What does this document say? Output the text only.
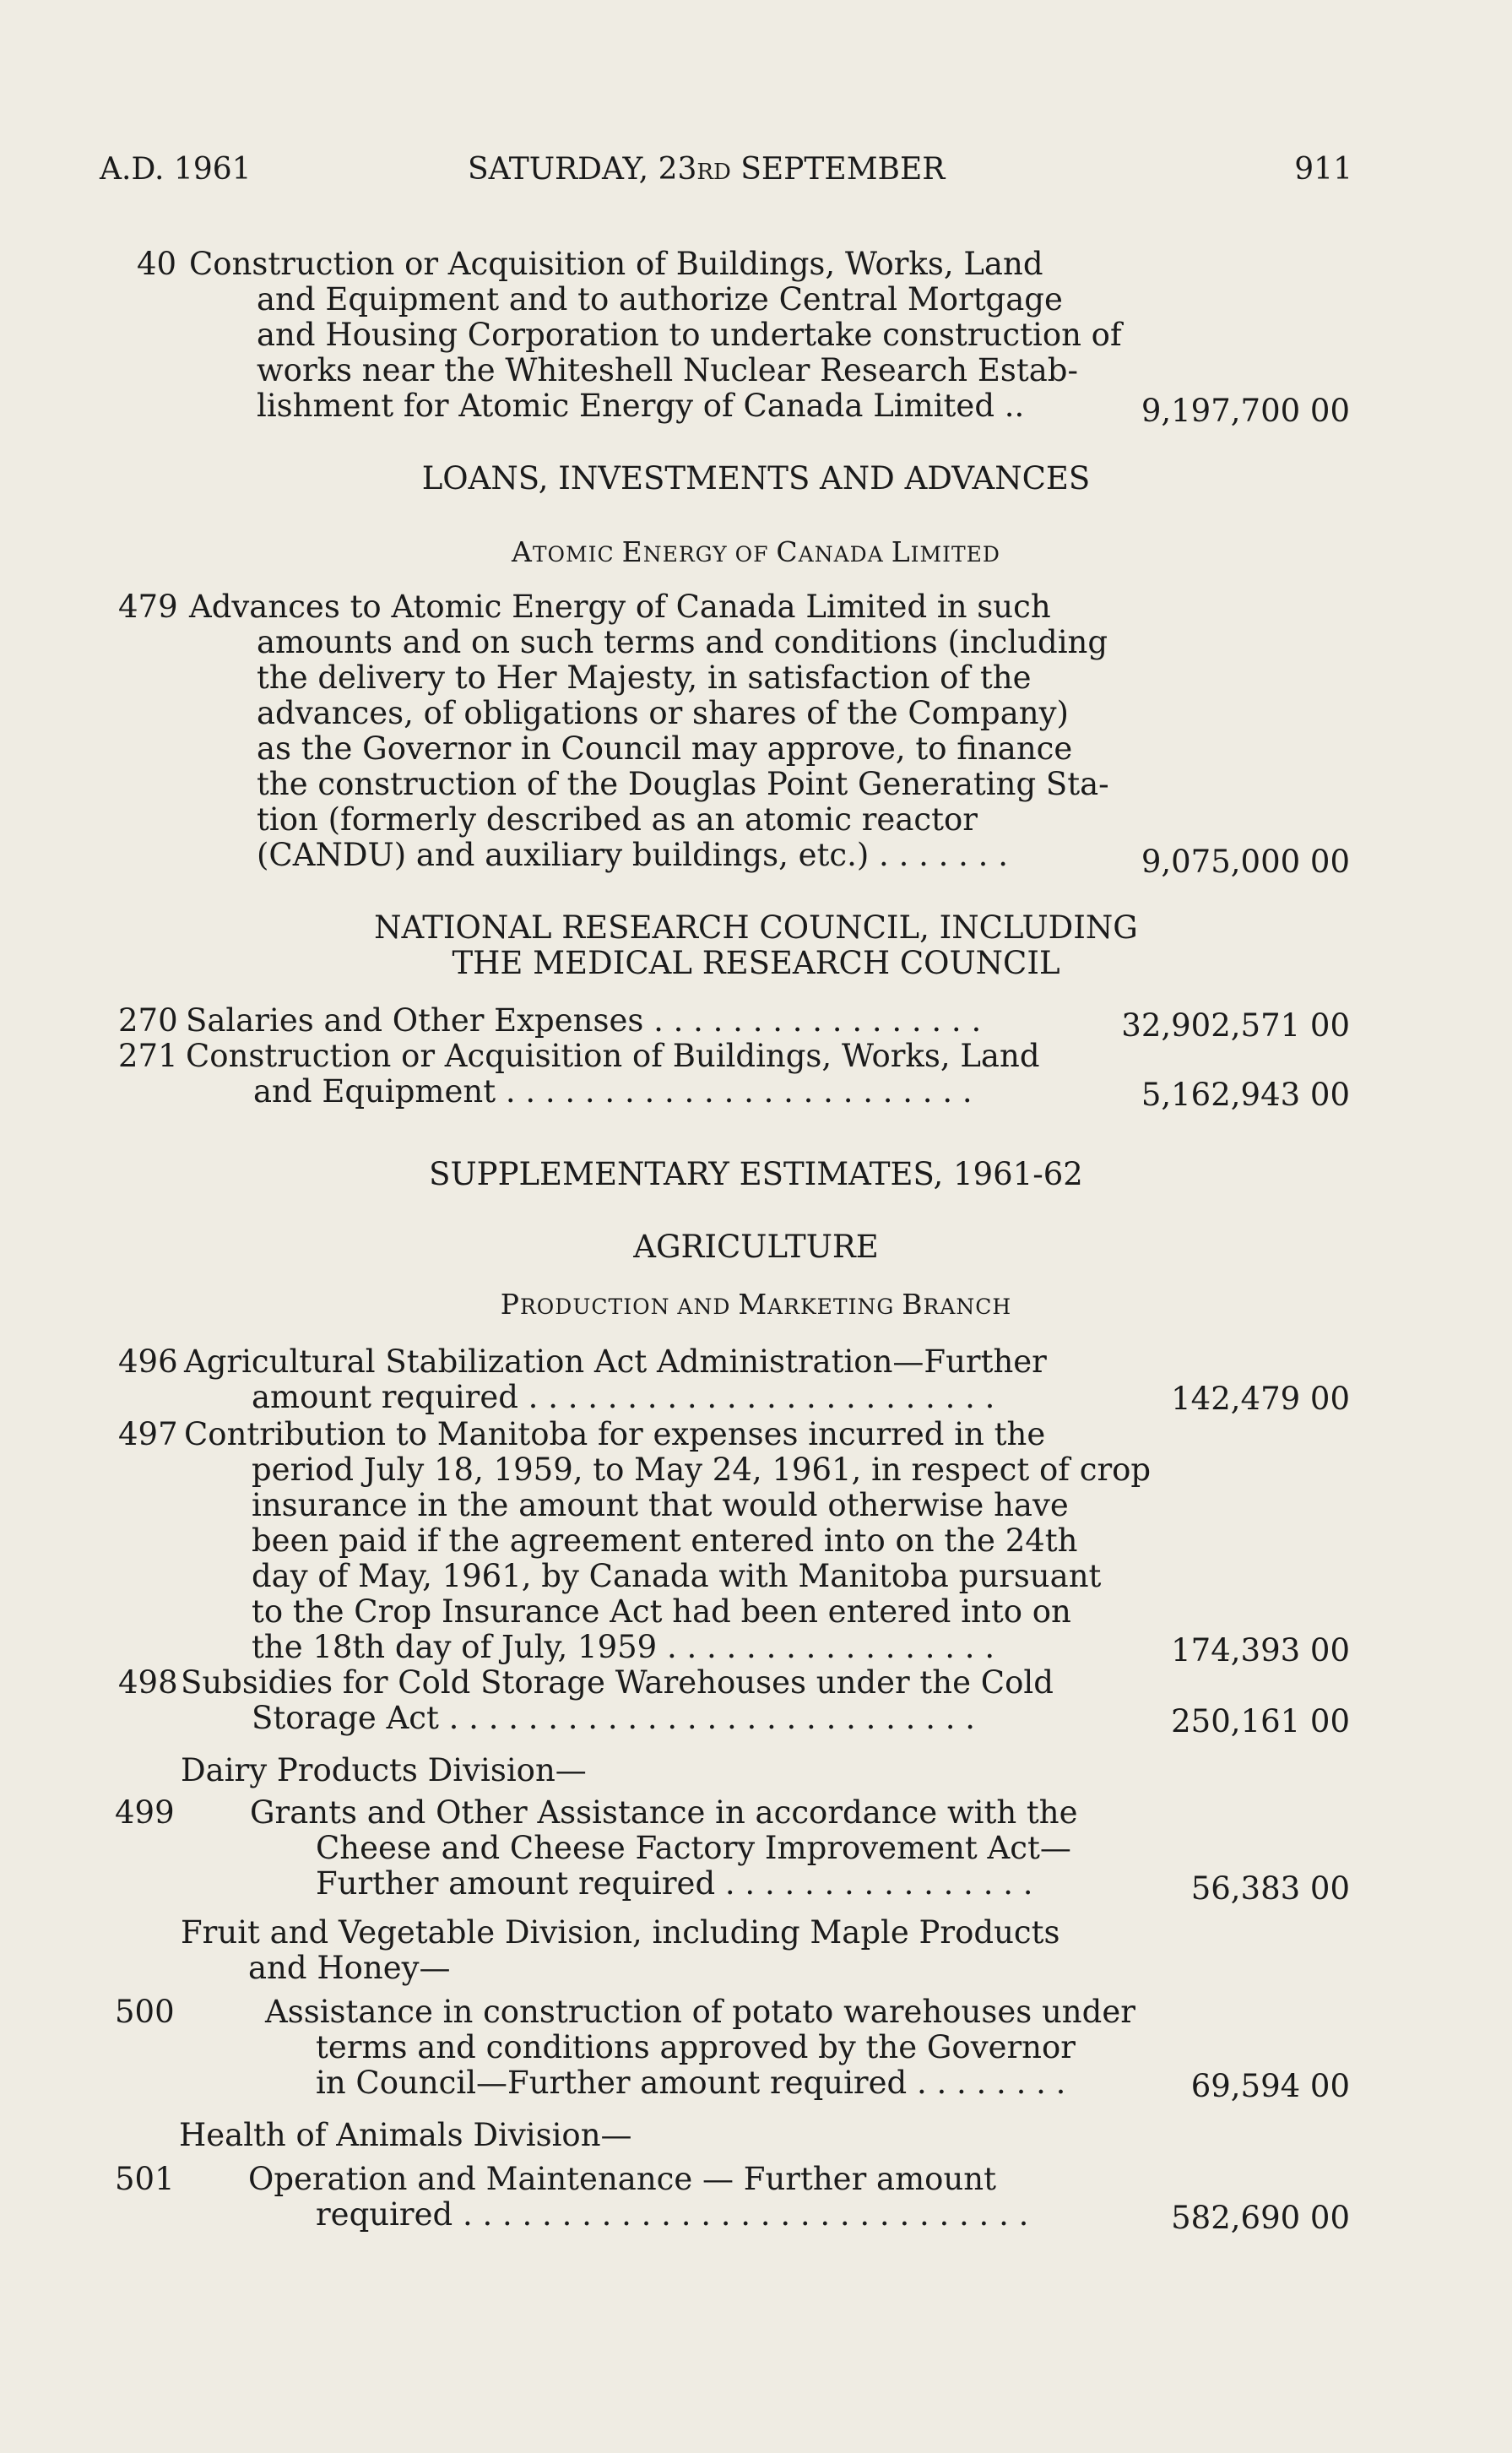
A.D. 1961	SATURDAY, 23RD SEPTEMBER	911
40 Construction or Acquisition of Buildings, Works, Land
and Equipment and to authorize Central Mortgage
and Housing Corporation to undertake construction of
works near the Whiteshell Nuclear Research Estab-
lishment for Atomic Energy of Canada Limited ..	9,197,700 00
LOANS, INVESTMENTS AND ADVANCES
ATOMIC ENERGY OF CANADA LIMITED
479 Advances to Atomic Energy of Canada Limited in such
amounts and on such terms and conditions (including
the delivery to Her Majesty, in satisfaction of the
advances, of obligations or shares of the Company)
as the Governor in Council may approve, to finance
the construction of the Douglas Point Generating Sta-
tion (formerly described as an atomic reactor
(CANDU) and auxiliary buildings, etc.) . . . . . . .	9,075,000 00
NATIONAL RESEARCH COUNCIL, INCLUDING
THE MEDICAL RESEARCH COUNCIL
270 Salaries and Other Expenses . . . . . . . . . . . . . . . . .	32,902,571 00
271 Construction or Acquisition of Buildings, Works, Land
and Equipment . . . . . . . . . . . . . . . . . . . . . . . .	5,162,943 00
SUPPLEMENTARY ESTIMATES, 1961-62
AGRICULTURE
PRODUCTION AND MARKETING BRANCH
496 Agricultural Stabilization Act Administration—Further
amount required . . . . . . . . . . . . . . . . . . . . . . . .	142,479 00
497 Contribution to Manitoba for expenses incurred in the
period July 18, 1959, to May 24, 1961, in respect of crop
insurance in the amount that would otherwise have
been paid if the agreement entered into on the 24th
day of May, 1961, by Canada with Manitoba pursuant
to the Crop Insurance Act had been entered into on
the 18th day of July, 1959 . . . . . . . . . . . . . . . . .	174,393 00
498 Subsidies for Cold Storage Warehouses under the Cold
Storage Act . . . . . . . . . . . . . . . . . . . . . . . . . . .	250,161 00
Dairy Products Division—
499 Grants and Other Assistance in accordance with the
Cheese and Cheese Factory Improvement Act—
Further amount required . . . . . . . . . . . . . . . .	56,383 00
Fruit and Vegetable Division, including Maple Products
and Honey—
500	Assistance in construction of potato warehouses under
terms and conditions approved by the Governor
in Council—Further amount required . . . . . . . .	69,594 00
Health of Animals Division—
501 Operation and Maintenance — Further amount
required . . . . . . . . . . . . . . . . . . . . . . . . . . . . .	582,690 00
